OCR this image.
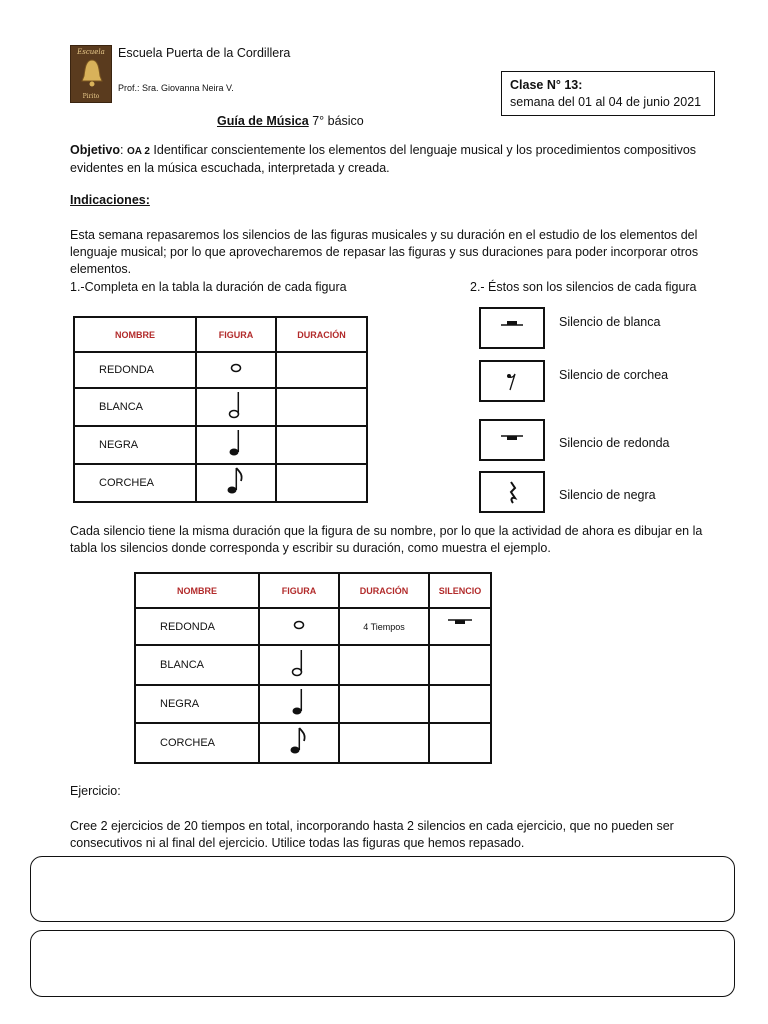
Escuela
Pirito
Escuela Puerta de la Cordillera
Prof.: Sra. Giovanna Neira V.	Clase N° 13:
semana del 01 al 04 de junio 2021
Guía de Música 7° básico
Objetivo: OA 2 Identificar conscientemente los elementos del lenguaje musical y los procedimientos compositivos evidentes en la música escuchada, interpretada y creada.
Indicaciones:
Esta semana repasaremos los silencios de las figuras musicales y su duración en el estudio de los elementos del lenguaje musical; por lo que aprovecharemos de repasar las figuras y sus duraciones para poder incorporar otros elementos.
1.-Completa en la tabla la duración de cada figura	2.- Éstos son los silencios de cada figura
NOMBRE	FIGURA	DURACIÓN
REDONDA		
BLANCA		
NEGRA		
CORCHEA		
Silencio de blanca
Silencio de corchea
Silencio de redonda
Silencio de negra
Cada silencio tiene la misma duración que la figura de su nombre, por lo que la actividad de ahora es dibujar en la tabla los silencios donde corresponda y escribir su duración, como muestra el ejemplo.
NOMBRE	FIGURA	DURACIÓN	SILENCIO
REDONDA		4 Tiempos	
BLANCA			
NEGRA			
CORCHEA			
Ejercicio:
Cree 2 ejercicios de 20 tiempos en total, incorporando hasta 2 silencios en cada ejercicio, que no pueden ser consecutivos ni al final del ejercicio. Utilice todas las figuras que hemos repasado.
